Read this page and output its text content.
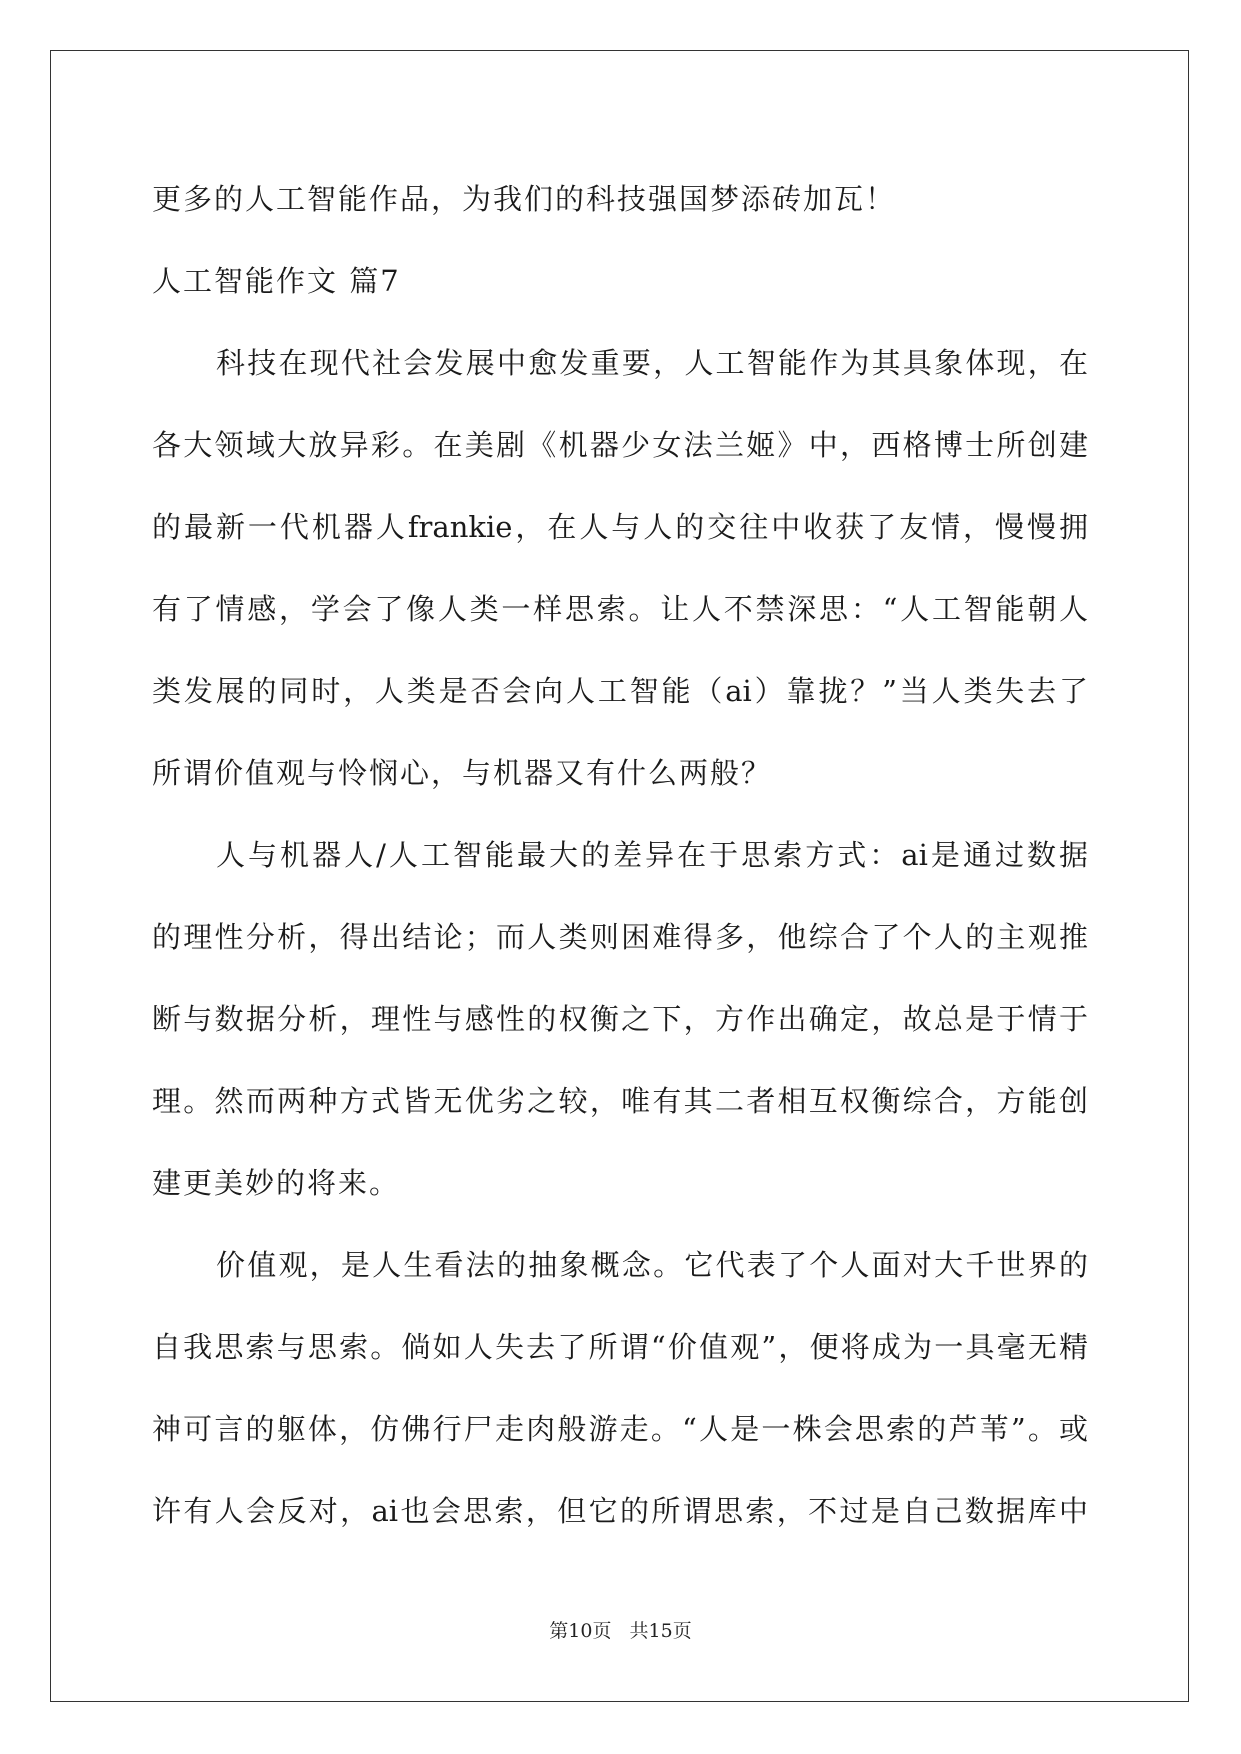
更多的人工智能作品，为我们的科技强国梦添砖加瓦！
人工智能作文 篇7
科技在现代社会发展中愈发重要，人工智能作为其具象体现，在
各大领域大放异彩。在美剧《机器少女法兰姬》中，西格博士所创建
的最新一代机器人frankie，在人与人的交往中收获了友情，慢慢拥
有了情感，学会了像人类一样思索。让人不禁深思：“人工智能朝人
类发展的同时，人类是否会向人工智能（ai）靠拢？”当人类失去了
所谓价值观与怜悯心，与机器又有什么两般？
人与机器人/人工智能最大的差异在于思索方式：ai是通过数据
的理性分析，得出结论；而人类则困难得多，他综合了个人的主观推
断与数据分析，理性与感性的权衡之下，方作出确定，故总是于情于
理。然而两种方式皆无优劣之较，唯有其二者相互权衡综合，方能创
建更美妙的将来。
价值观，是人生看法的抽象概念。它代表了个人面对大千世界的
自我思索与思索。倘如人失去了所谓“价值观”，便将成为一具毫无精
神可言的躯体，仿佛行尸走肉般游走。“人是一株会思索的芦苇”。或
许有人会反对，ai也会思索，但它的所谓思索，不过是自己数据库中
第10页 共15页
